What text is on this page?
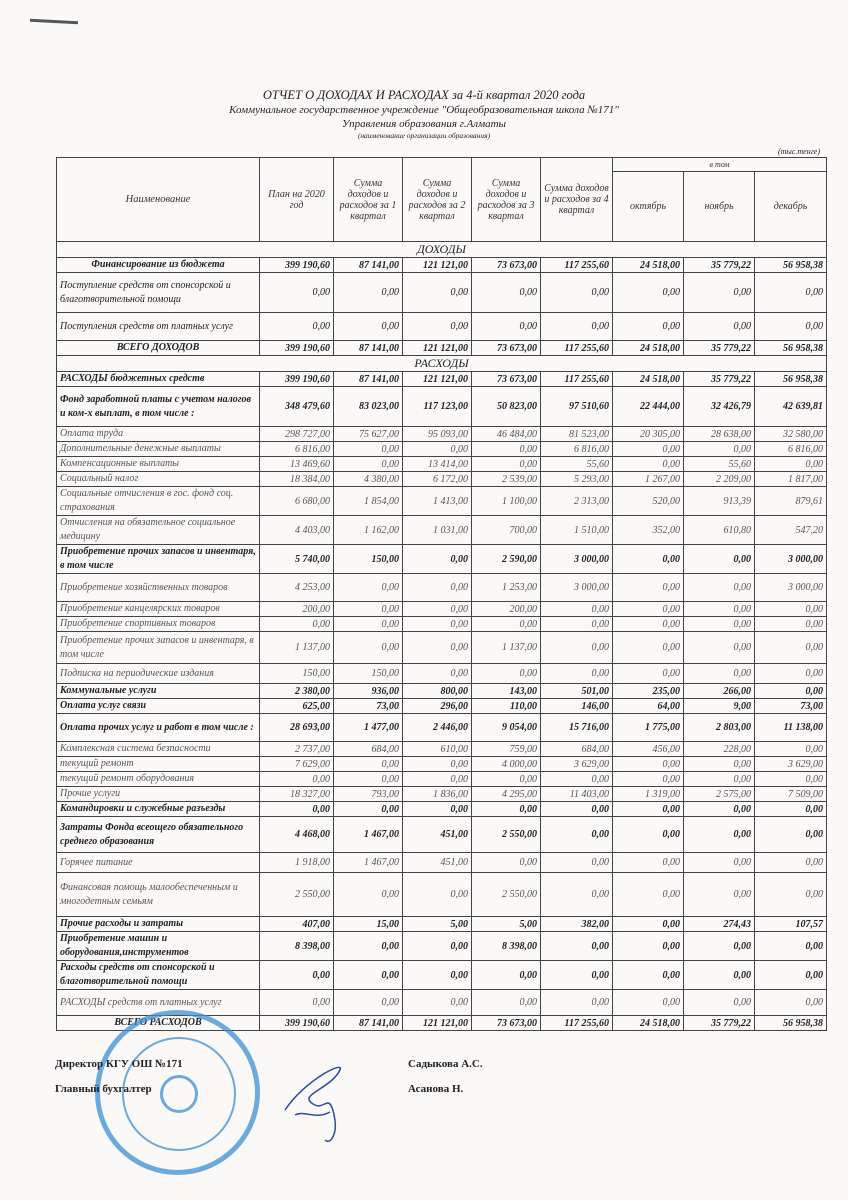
ОТЧЕТ О ДОХОДАХ И РАСХОДАХ за 4-й квартал 2020 года
Коммунальное государственное учреждение "Общеобразовательная школа №171"
Управления образования г.Алматы
(наименование организации образования)
(тыс.тенге)
Наименование	План на 2020 год	Сумма доходов и расходов за 1 квартал	Сумма доходов и расходов за 2 квартал	Сумма доходов и расходов за 3 квартал	Сумма доходов и расходов за 4 квартал	в том		
						октябрь	ноябрь	декабрь
ДОХОДЫ								
Финансирование из бюджета	399 190,60	87 141,00	121 121,00	73 673,00	117 255,60	24 518,00	35 779,22	56 958,38
Поступление средств от спонсорской и благотворительной помощи	0,00	0,00	0,00	0,00	0,00	0,00	0,00	0,00
Поступления средств от платных услуг	0,00	0,00	0,00	0,00	0,00	0,00	0,00	0,00
ВСЕГО ДОХОДОВ	399 190,60	87 141,00	121 121,00	73 673,00	117 255,60	24 518,00	35 779,22	56 958,38
РАСХОДЫ								
РАСХОДЫ бюджетных средств	399 190,60	87 141,00	121 121,00	73 673,00	117 255,60	24 518,00	35 779,22	56 958,38
Фонд заработной платы с учетом налогов и ком-х выплат, в том числе :	348 479,60	83 023,00	117 123,00	50 823,00	97 510,60	22 444,00	32 426,79	42 639,81
Оплата труда	298 727,00	75 627,00	95 093,00	46 484,00	81 523,00	20 305,00	28 638,00	32 580,00
Дополнительные денежные выплаты	6 816,00	0,00	0,00	0,00	6 816,00	0,00	0,00	6 816,00
Компенсационные выплаты	13 469,60	0,00	13 414,00	0,00	55,60	0,00	55,60	0,00
Социальный налог	18 384,00	4 380,00	6 172,00	2 539,00	5 293,00	1 267,00	2 209,00	1 817,00
Социальные отчисления в гос. фонд соц. страхования	6 680,00	1 854,00	1 413,00	1 100,00	2 313,00	520,00	913,39	879,61
Отчисления на обязательное социальное медицину	4 403,00	1 162,00	1 031,00	700,00	1 510,00	352,00	610,80	547,20
Приобретение прочих запасов и инвентаря, в том числе	5 740,00	150,00	0,00	2 590,00	3 000,00	0,00	0,00	3 000,00
Приобретение хозяйственных товаров	4 253,00	0,00	0,00	1 253,00	3 000,00	0,00	0,00	3 000,00
Приобретение канцелярских товаров	200,00	0,00	0,00	200,00	0,00	0,00	0,00	0,00
Приобретение спортивных товаров	0,00	0,00	0,00	0,00	0,00	0,00	0,00	0,00
Приобретение прочих запасов и инвентаря, в том числе	1 137,00	0,00	0,00	1 137,00	0,00	0,00	0,00	0,00
Подписка на периодические издания	150,00	150,00	0,00	0,00	0,00	0,00	0,00	0,00
Коммунальные услуги	2 380,00	936,00	800,00	143,00	501,00	235,00	266,00	0,00
Оплата услуг связи	625,00	73,00	296,00	110,00	146,00	64,00	9,00	73,00
Оплата прочих услуг и работ в том числе :	28 693,00	1 477,00	2 446,00	9 054,00	15 716,00	1 775,00	2 803,00	11 138,00
Комплексная система безпасности	2 737,00	684,00	610,00	759,00	684,00	456,00	228,00	0,00
текущий ремонт	7 629,00	0,00	0,00	4 000,00	3 629,00	0,00	0,00	3 629,00
текущий ремонт оборудования	0,00	0,00	0,00	0,00	0,00	0,00	0,00	0,00
Прочие услуги	18 327,00	793,00	1 836,00	4 295,00	11 403,00	1 319,00	2 575,00	7 509,00
Командировки и служебные разъезды	0,00	0,00	0,00	0,00	0,00	0,00	0,00	0,00
Затраты Фонда всеощего обязательного среднего образования	4 468,00	1 467,00	451,00	2 550,00	0,00	0,00	0,00	0,00
Горячее питание	1 918,00	1 467,00	451,00	0,00	0,00	0,00	0,00	0,00
Финансовая помощь малообеспеченным и многодетным семьям	2 550,00	0,00	0,00	2 550,00	0,00	0,00	0,00	0,00
Прочие расходы и затраты	407,00	15,00	5,00	5,00	382,00	0,00	274,43	107,57
Приобретение машин и оборудования,инструментов	8 398,00	0,00	0,00	8 398,00	0,00	0,00	0,00	0,00
Расходы средств от спонсорской и благотворительной помощи	0,00	0,00	0,00	0,00	0,00	0,00	0,00	0,00
РАСХОДЫ средств от платных услуг	0,00	0,00	0,00	0,00	0,00	0,00	0,00	0,00
ВСЕГО РАСХОДОВ	399 190,60	87 141,00	121 121,00	73 673,00	117 255,60	24 518,00	35 779,22	56 958,38
Директор КГУ ОШ №171	Садыкова А.С.
Главный бухгалтер	Асанова Н.
